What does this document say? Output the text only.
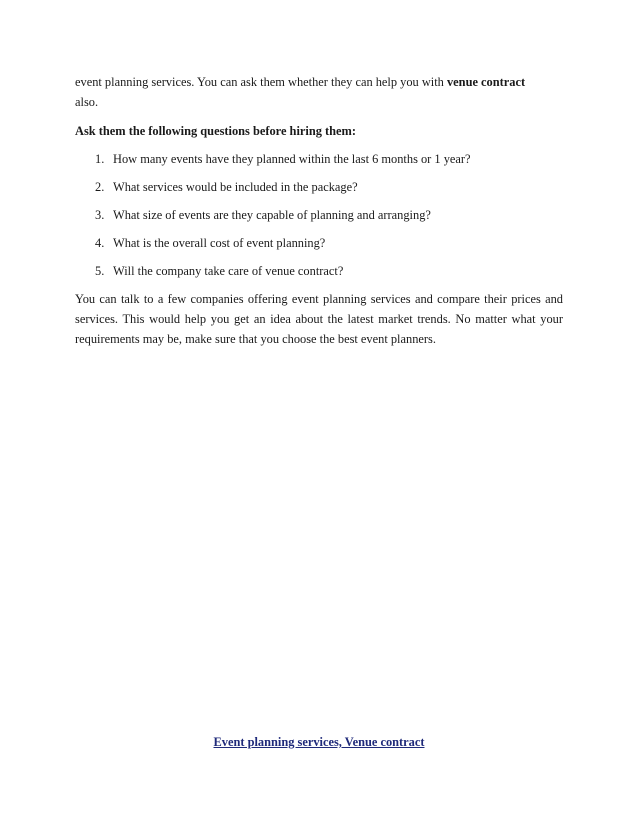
event planning services. You can ask them whether they can help you with venue contract
also.

Ask them the following questions before hiring them:

1. How many events have they planned within the last 6 months or 1 year?
2. What services would be included in the package?
3. What size of events are they capable of planning and arranging?
4. What is the overall cost of event planning?
5. Will the company take care of venue contract?

You can talk to a few companies offering event planning services and compare their prices and services. This would help you get an idea about the latest market trends. No matter what your requirements may be, make sure that you choose the best event planners.

Event planning services, Venue contract
